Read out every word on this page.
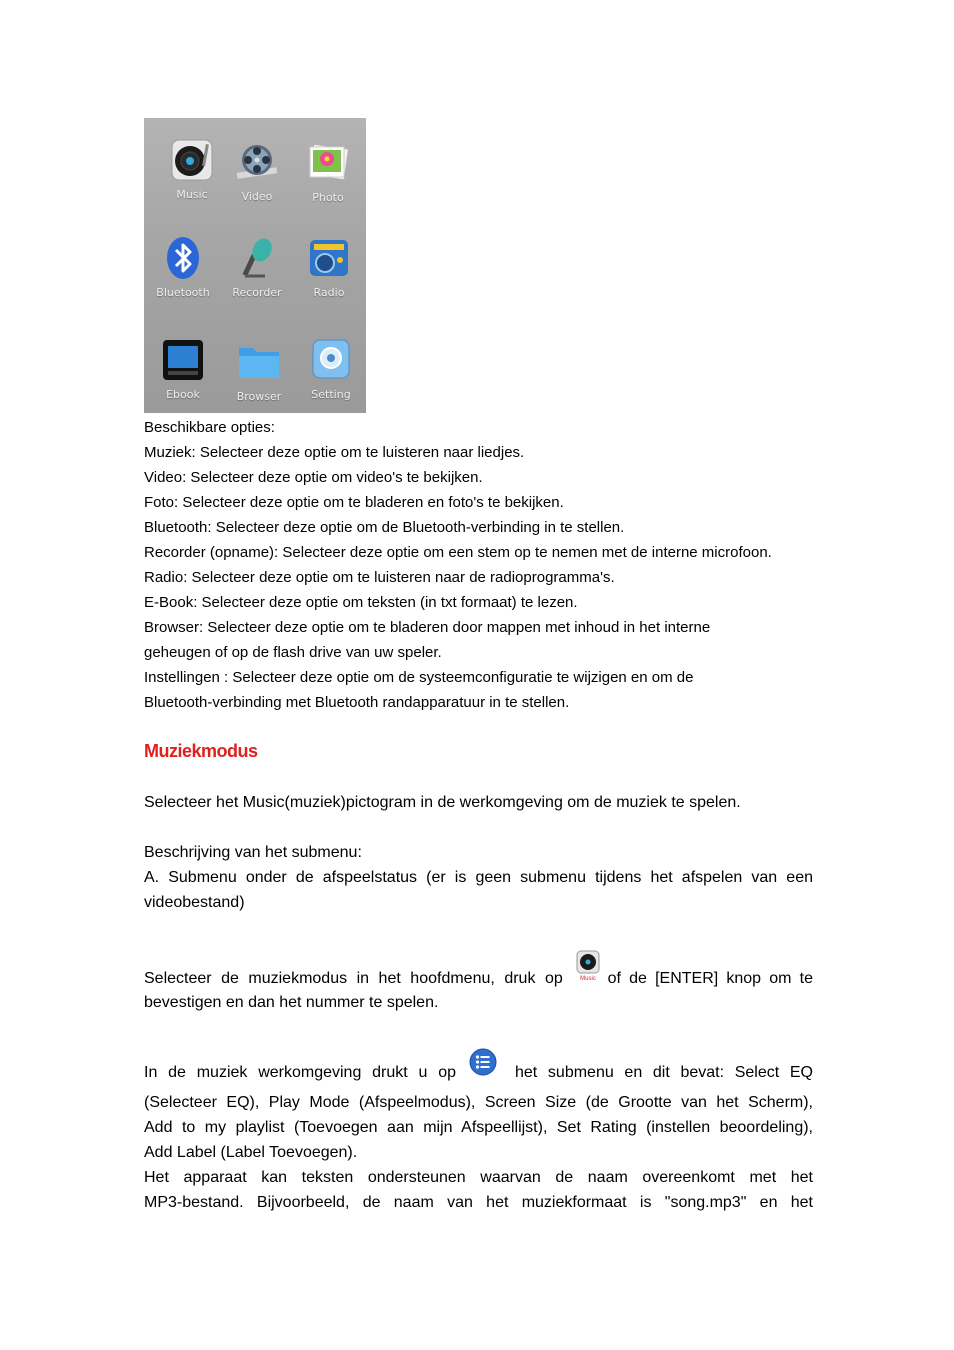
Music	Video	Photo
Bluetooth	Recorder	Radio
Ebook	Browser	Setting
Beschikbare opties:
Muziek: Selecteer deze optie om te luisteren naar liedjes.
Video: Selecteer deze optie om video's te bekijken.
Foto: Selecteer deze optie om te bladeren en foto's te bekijken.
Bluetooth: Selecteer deze optie om de Bluetooth-verbinding in te stellen.
Recorder (opname): Selecteer deze optie om een stem op te nemen met de interne microfoon.
Radio: Selecteer deze optie om te luisteren naar de radioprogramma's.
E-Book: Selecteer deze optie om teksten (in txt formaat) te lezen.
Browser: Selecteer deze optie om te bladeren door mappen met inhoud in het interne
geheugen of op de flash drive van uw speler.
Instellingen : Selecteer deze optie om de systeemconfiguratie te wijzigen en om de
Bluetooth-verbinding met Bluetooth randapparatuur in te stellen.
Muziekmodus
Selecteer het Music(muziek)pictogram in de werkomgeving om de muziek te spelen.
Beschrijving van het submenu:
A. Submenu onder de afspeelstatus (er is geen submenu tijdens het afspelen van een
videobestand)
Selecteer de muziekmodus in het hoofdmenu, druk op	of de [ENTER] knop om te
Music
bevestigen en dan het nummer te spelen.
In de muziek werkomgeving drukt u op	het submenu en dit bevat: Select EQ
(Selecteer EQ), Play Mode (Afspeelmodus), Screen Size (de Grootte van het Scherm),
Add to my playlist (Toevoegen aan mijn Afspeellijst), Set Rating (instellen beoordeling),
Add Label (Label Toevoegen).
Het apparaat kan teksten ondersteunen waarvan de naam overeenkomt met het
MP3-bestand. Bijvoorbeeld, de naam van het muziekformaat is "song.mp3" en het
